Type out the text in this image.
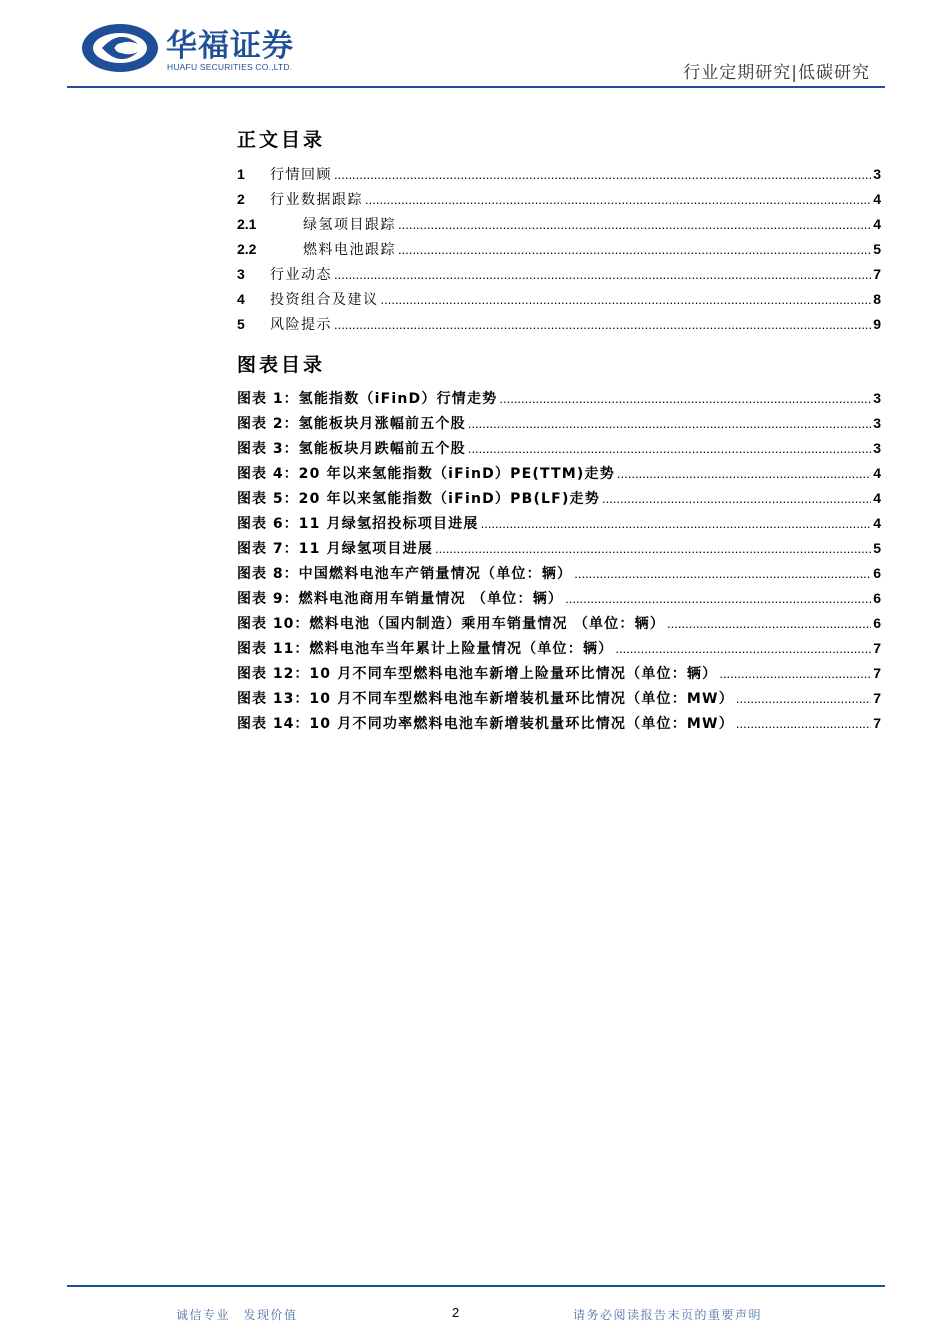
华福证券
HUAFU SECURITIES CO.,LTD.	行业定期研究|低碳研究
正文目录
1	行情回顾 .....	3
2	行业数据跟踪 .....	4
2.1	绿氢项目跟踪 .....	4
2.2	燃料电池跟踪 .....	5
3	行业动态 .....	7
4	投资组合及建议 .....	8
5	风险提示 .....	9
图表目录
图表 1： 氢能指数（iFinD）行情走势 .....	3
图表 2： 氢能板块月涨幅前五个股 .....	3
图表 3： 氢能板块月跌幅前五个股 .....	3
图表 4： 20 年以来氢能指数（iFinD）PE(TTM)走势 .....	4
图表 5： 20 年以来氢能指数（iFinD）PB(LF)走势 .....	4
图表 6： 11 月绿氢招投标项目进展 .....	4
图表 7： 11 月绿氢项目进展 .....	5
图表 8： 中国燃料电池车产销量情况（单位：辆） .....	6
图表 9： 燃料电池商用车销量情况 （单位：辆） .....	6
图表 10： 燃料电池（国内制造）乘用车销量情况 （单位：辆） .....	6
图表 11： 燃料电池车当年累计上险量情况（单位：辆） .....	7
图表 12： 10 月不同车型燃料电池车新增上险量环比情况（单位：辆） .....	7
图表 13： 10 月不同车型燃料电池车新增装机量环比情况（单位：MW） .....	7
图表 14： 10 月不同功率燃料电池车新增装机量环比情况（单位：MW） .....	7
诚信专业　发现价值	2	请务必阅读报告末页的重要声明
